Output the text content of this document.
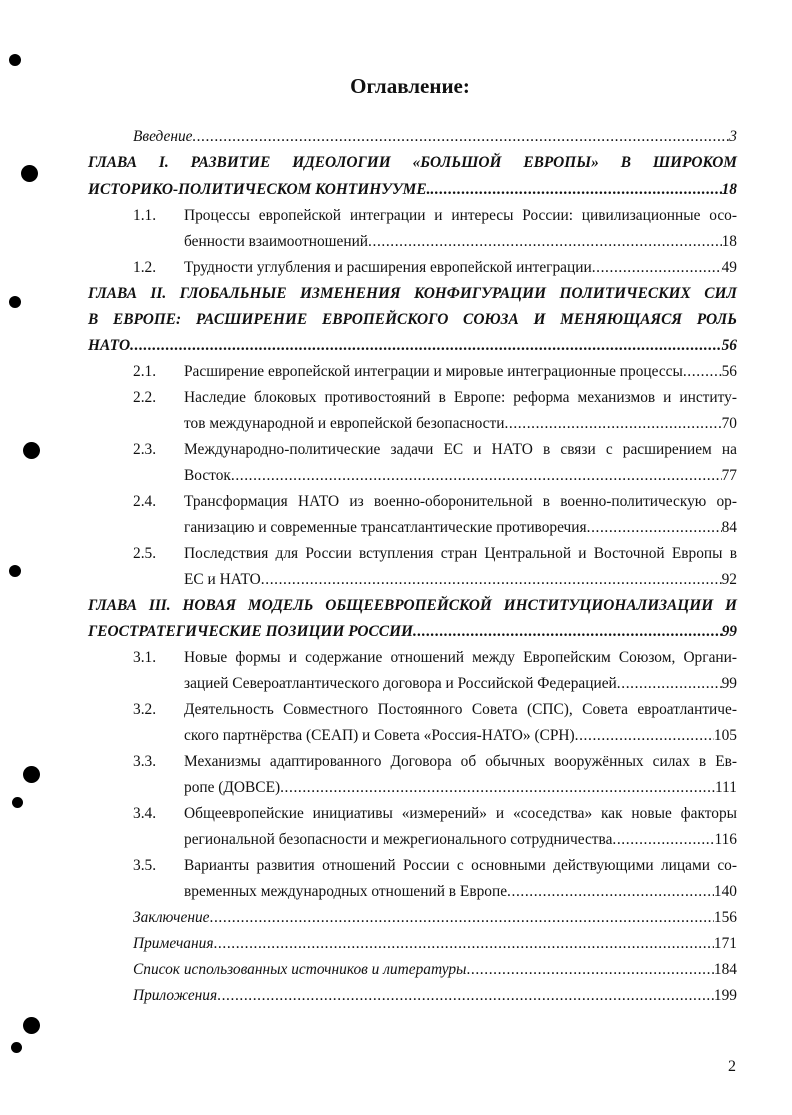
Оглавление:
Введение .....	3
ГЛАВА I. РАЗВИТИЕ ИДЕОЛОГИИ «БОЛЬШОЙ ЕВРОПЫ» В ШИРОКОМ
ИСТОРИКО-ПОЛИТИЧЕСКОМ КОНТИНУУМЕ. .....	18
1.1. Процессы европейской интеграции и интересы России: цивилизационные осо-
бенности взаимоотношений .....	18
1.2. Трудности углубления и расширения европейской интеграции .....	49
ГЛАВА II. ГЛОБАЛЬНЫЕ ИЗМЕНЕНИЯ КОНФИГУРАЦИИ ПОЛИТИЧЕСКИХ СИЛ
В ЕВРОПЕ: РАСШИРЕНИЕ ЕВРОПЕЙСКОГО СОЮЗА И МЕНЯЮЩАЯСЯ РОЛЬ
НАТО .....	56
2.1. Расширение европейской интеграции и мировые интеграционные процессы .....	56
2.2. Наследие блоковых противостояний в Европе: реформа механизмов и институ-
тов международной и европейской безопасности .....	70
2.3. Международно-политические задачи ЕС и НАТО в связи с расширением на
Восток .....	77
2.4. Трансформация НАТО из военно-оборонительной в военно-политическую ор-
ганизацию и современные трансатлантические противоречия .....	84
2.5. Последствия для России вступления стран Центральной и Восточной Европы в
ЕС и НАТО .....	92
ГЛАВА III. НОВАЯ МОДЕЛЬ ОБЩЕЕВРОПЕЙСКОЙ ИНСТИТУЦИОНАЛИЗАЦИИ И
ГЕОСТРАТЕГИЧЕСКИЕ ПОЗИЦИИ РОССИИ .....	99
3.1. Новые формы и содержание отношений между Европейским Союзом, Органи-
зацией Североатлантического договора и Российской Федерацией .....	99
3.2. Деятельность Совместного Постоянного Совета (СПС), Совета евроатлантиче-
ского партнёрства (СЕАП) и Совета «Россия-НАТО» (СРН) .....	105
3.3. Механизмы адаптированного Договора об обычных вооружённых силах в Ев-
ропе (ДОВСЕ) .....	111
3.4. Общеевропейские инициативы «измерений» и «соседства» как новые факторы
региональной безопасности и межрегионального сотрудничества .....	116
3.5. Варианты развития отношений России с основными действующими лицами со-
временных международных отношений в Европе .....	140
Заключение .....	156
Примечания .....	171
Список использованных источников и литературы .....	184
Приложения .....	199
2
